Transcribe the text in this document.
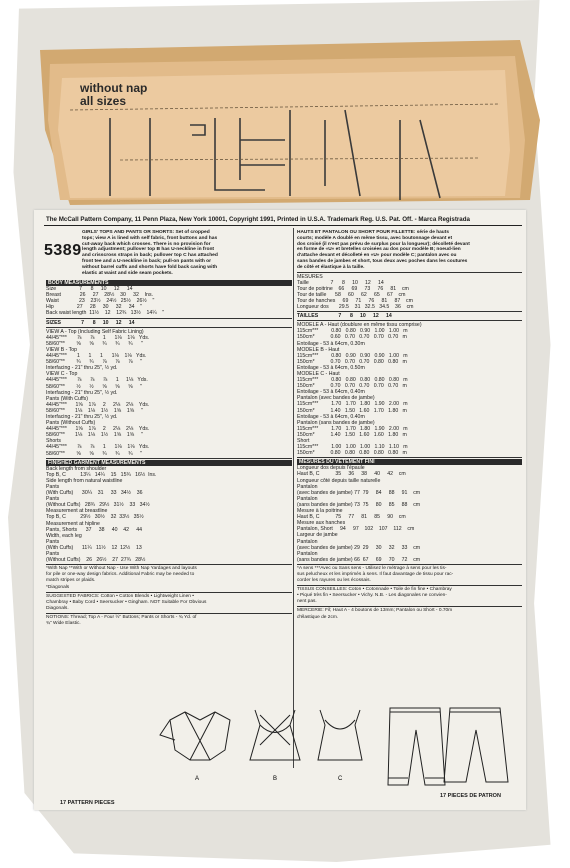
without nap
all sizes
The McCall Pattern Company, 11 Penn Plaza, New York 10001, Copyright 1991, Printed in U.S.A. Trademark Reg. U.S. Pat. Off. - Marca Registrada
5389
GIRLS' TOPS AND PANTS OR SHORTS: Set of cropped
tops; view A is lined with self fabric, front buttons and has
cut-away back which crosses. There is no provision for
length adjustment; pullover top B has U-neckline in front
and crisscross straps in back; pullover top C has attached
front tee and a U-neckline in back; pull-on pants with or
without barrel cuffs and shorts have fold back casing with
elastic at waist and side seam pockets.
BODY MEASUREMENTS
Size                7      8     10     12     14
Breast             26     27    28½    30     32    Ins.
Waist              23    23½    24½   25½    26½    "
Hip                27     28     30     32     34    "
Back waist length  11½    12    12¾   13½    14¼    "
SIZES              7      8     10     12     14
VIEW A - Top (Including Self Fabric Lining)
44/45"***       ⅞      ⅞      1      1⅛    1⅛   Yds.
58/60"**        ⅝      ⅝      ¾      ¾      ¾      "
VIEW B - Top
44/45"***       1      1      1      1⅛    1⅛   Yds.
58/60"**        ¾      ¾      ⅞      ⅞      ⅞     "
Interfacing - 21" thru 25", ½ yd.
VIEW C - Top
44/45"***       ⅞      ⅞      ⅞      1     1⅛   Yds.
58/60"**        ½      ½      ⅝      ⅝      ⅝     "
Interfacing - 21" thru 25", ½ yd.
Pants (With Cuffs)
44/45"***      1⅝    1⅞     2     2⅛    2⅛    Yds.
58/60"**       1⅛    1⅛    1½    1⅝    1⅝     "
Interfacing - 21" thru 25", ½ yd.
Pants (Without Cuffs)
44/45"***      1⅝    1⅞     2     2⅛    2⅛    Yds.
58/60"**       1⅛    1⅛    1½    1⅝    1⅝     "
Shorts
44/45"***       ⅞      ⅞      1      1⅛    1⅛   Yds.
58/60"**        ⅝      ⅝      ¾      ¾      ¾     "
FINISHED GARMENT MEASUREMENTS
Back length from shoulder
Top B, C          13¼   14¼    15   15¾   16½  Ins.
Side length from natural waistline
Pants
(With Cuffs)      30¼    31     33   34½    36
Pants
(Without Cuffs)   28¾   29½   31½    33   34½
Measurement at breastline
Top B, C          29½   30½    32  33½   35½
Measurement at hipline
Pants, Shorts      37     38     40    42     44
Width, each leg
Pants
(With Cuffs)      11¼   11½    12  12½    13
Pants
(Without Cuffs)    26   26½    27  27¾   28½
*With Nap **With or Without Nap - Use With Nap Yardages and layouts
for pile or one-way design fabrics. Additional Fabric may be needed to
match stripes or plaids.
*Diagonals
SUGGESTED FABRICS: Cotton • Cotton Blends • Lightweight Linen •
Chambray • Baby Cord • Seersucker • Gingham. NOT Suitable For Obvious
Diagonals.
NOTIONS: Thread; Top A - Four ½" Buttons; Pants or Shorts - ¾ Yd. of
¾" Wide Elastic.
HAUTS ET PANTALON OU SHORT POUR FILLETTE: série de hauts
courts; modèle A doublé en même tissu, avec boutonnage devant et
dos croisé (il n'est pas prévu de surplus pour la longueur); décolleté devant
en forme de «U» et bretelles croisées au dos pour modèle B; noeud-lien
d'attache devant et décolleté en «U» pour modèle C; pantalon avec ou
sans bandes de jambes et short, tous deux avec poches dans les coutures
de côté et élastique à la taille.
MESURES
Taille               7      8     10     12     14
Tour de poitrine    66     69     73     76     81    cm
Tour de taille      58     60     62     65     67    cm
Tour de hanches     69     71     76     81     87    cm
Longueur dos       29.5    31   32.5   34.5    36    cm
TAILLES              7      8     10     12     14
MODELE A - Haut (doublure en même tissu comprise)
115cm***         0.80   0.80   0.90   1.00   1.00   m
150cm*           0.60   0.70   0.70   0.70   0.70   m
Entoilage - 53 à 64cm, 0.30m
MODELE B - Haut
115cm***         0.80   0.90   0.90   0.90   1.00   m
150cm*           0.70   0.70   0.70   0.80   0.80   m
Entoilage - 53 à 64cm, 0.50m
MODELE C - Haut
115cm***         0.80   0.80   0.80   0.80   0.80   m
150cm*           0.70   0.70   0.70   0.70   0.70   m
Entoilage - 53 à 64cm, 0.40m
Pantalon (avec bandes de jambe)
115cm***         1.70   1.70   1.80   1.90   2.00   m
150cm*           1.40   1.50   1.60   1.70   1.80   m
Entoilage - 53 à 64cm, 0.40m
Pantalon (sans bandes de jambe)
115cm***         1.70   1.70   1.80   1.90   2.00   m
150cm*           1.40   1.50   1.60   1.60   1.80   m
Short
115cm***         1.00   1.00   1.00   1.10   1.10   m
150cm*           0.80   0.80   0.80   0.80   0.80   m
MESURES DU VETEMENT FINI
Longueur dos depuis l'épaule
Haut B, C           35     36     38     40     42    cm
Longueur côté depuis taille naturelle
Pantalon
(avec bandes de jambe) 77  79     84     88     91    cm
Pantalon
(sans bandes de jambe) 73  75     80     85     88    cm
Mesure à la poitrine
Haut B, C           75     77     81     85     90    cm
Mesure aux hanches
Pantalon, Short     94     97    102    107    112    cm
Largeur de jambe
Pantalon
(avec bandes de jambe) 29  29     30     32     33    cm
Pantalon
(sans bandes de jambe) 66  67     69     70     72    cm
*A sens ***Avec ou Sans sens - Utilisez le métrage à sens pour les tis-
sus pelucheux et les imprimés à sens. Il faut davantage de tissu pour rac-
corder les rayures ou les écossais.
TISSUS CONSEILLES: Coton • Cotonnade • Toile de fin fine • Chambray
• Piqué très fin • Seersucker • Vichy. N.B. - Les diagonales ne convien-
nent pas.
MERCERIE: Fil; Haut A - 4 boutons de 13mm; Pantalon ou Short - 0.70m
d'élastique de 2cm.
A	B	C
17 PATTERN PIECES
17 PIECES DE PATRON
